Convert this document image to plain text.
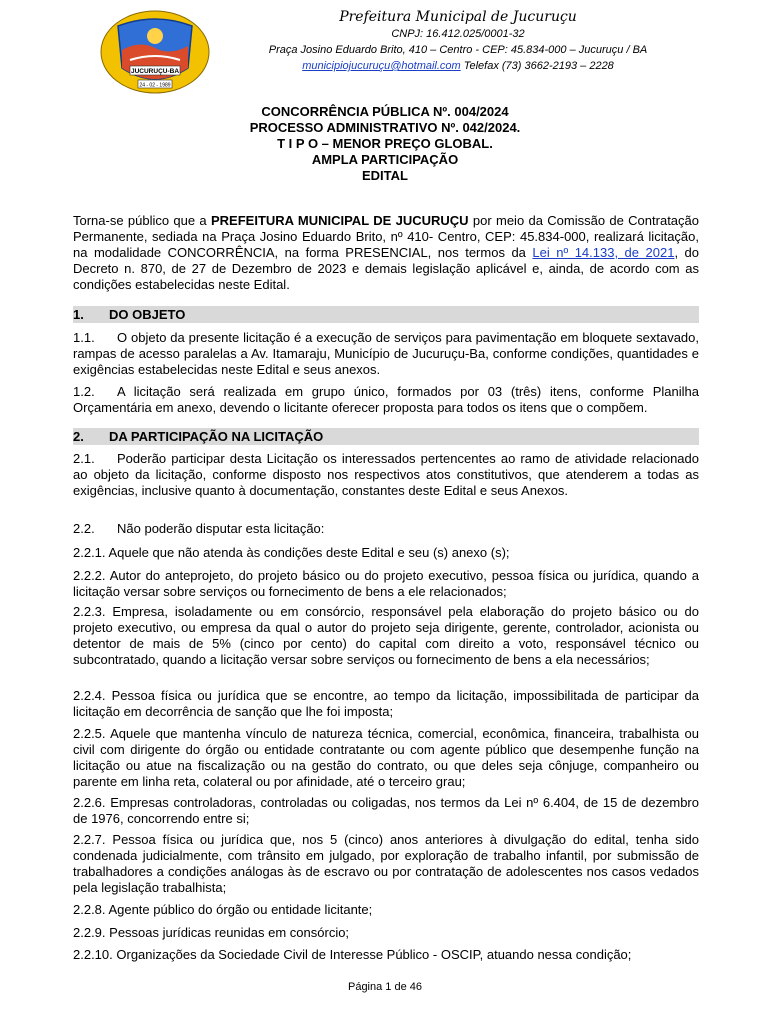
JUCURUÇU-BA
24 - 02 - 1989
Prefeitura Municipal de Jucuruçu
CNPJ: 16.412.025/0001-32
Praça Josino Eduardo Brito, 410 – Centro - CEP: 45.834-000 – Jucuruçu / BA
municipiojucuruçu@hotmail.com Telefax (73) 3662-2193 – 2228
CONCORRÊNCIA PÚBLICA Nº. 004/2024
PROCESSO ADMINISTRATIVO Nº. 042/2024.
T I P O – MENOR PREÇO GLOBAL.
AMPLA PARTICIPAÇÃO
EDITAL

Torna-se público que a PREFEITURA MUNICIPAL DE JUCURUÇU por meio da Comissão de Contratação Permanente, sediada na Praça Josino Eduardo Brito, nº 410- Centro, CEP: 45.834-000, realizará licitação, na modalidade CONCORRÊNCIA, na forma PRESENCIAL, nos termos da Lei nº 14.133, de 2021, do Decreto n. 870, de 27 de Dezembro de 2023 e demais legislação aplicável e, ainda, de acordo com as condições estabelecidas neste Edital.

1. DO OBJETO

1.1. O objeto da presente licitação é a execução de serviços para pavimentação em bloquete sextavado, rampas de acesso paralelas a Av. Itamaraju, Município de Jucuruçu-Ba, conforme condições, quantidades e exigências estabelecidas neste Edital e seus anexos.

1.2. A licitação será realizada em grupo único, formados por 03 (três) itens, conforme Planilha Orçamentária em anexo, devendo o licitante oferecer proposta para todos os itens que o compõem.

2. DA PARTICIPAÇÃO NA LICITAÇÃO

2.1. Poderão participar desta Licitação os interessados pertencentes ao ramo de atividade relacionado ao objeto da licitação, conforme disposto nos respectivos atos constitutivos, que atenderem a todas as exigências, inclusive quanto à documentação, constantes deste Edital e seus Anexos.

2.2. Não poderão disputar esta licitação:

2.2.1. Aquele que não atenda às condições deste Edital e seu (s) anexo (s);

2.2.2. Autor do anteprojeto, do projeto básico ou do projeto executivo, pessoa física ou jurídica, quando a licitação versar sobre serviços ou fornecimento de bens a ele relacionados;

2.2.3. Empresa, isoladamente ou em consórcio, responsável pela elaboração do projeto básico ou do projeto executivo, ou empresa da qual o autor do projeto seja dirigente, gerente, controlador, acionista ou detentor de mais de 5% (cinco por cento) do capital com direito a voto, responsável técnico ou subcontratado, quando a licitação versar sobre serviços ou fornecimento de bens a ela necessários;

2.2.4. Pessoa física ou jurídica que se encontre, ao tempo da licitação, impossibilitada de participar da licitação em decorrência de sanção que lhe foi imposta;

2.2.5. Aquele que mantenha vínculo de natureza técnica, comercial, econômica, financeira, trabalhista ou civil com dirigente do órgão ou entidade contratante ou com agente público que desempenhe função na licitação ou atue na fiscalização ou na gestão do contrato, ou que deles seja cônjuge, companheiro ou parente em linha reta, colateral ou por afinidade, até o terceiro grau;

2.2.6. Empresas controladoras, controladas ou coligadas, nos termos da Lei nº 6.404, de 15 de dezembro de 1976, concorrendo entre si;

2.2.7. Pessoa física ou jurídica que, nos 5 (cinco) anos anteriores à divulgação do edital, tenha sido condenada judicialmente, com trânsito em julgado, por exploração de trabalho infantil, por submissão de trabalhadores a condições análogas às de escravo ou por contratação de adolescentes nos casos vedados pela legislação trabalhista;

2.2.8. Agente público do órgão ou entidade licitante;

2.2.9. Pessoas jurídicas reunidas em consórcio;

2.2.10. Organizações da Sociedade Civil de Interesse Público - OSCIP, atuando nessa condição;

Página 1 de 46
